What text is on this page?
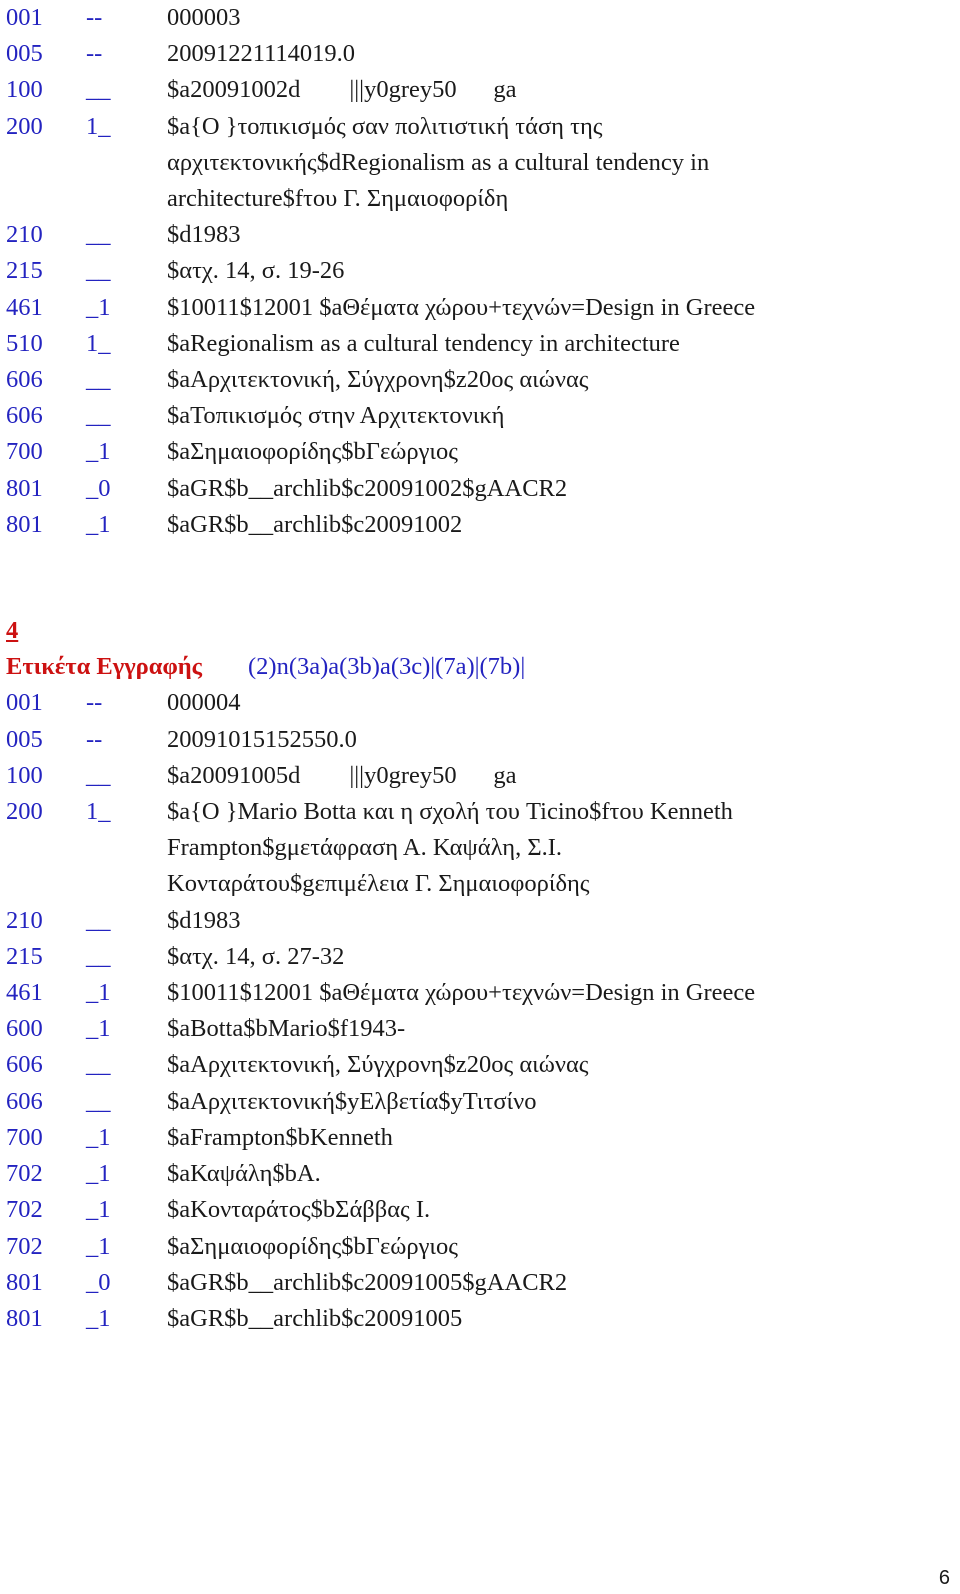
001	--	000003
005	--	20091221114019.0
100	__	$a20091002d        |||y0grey50      ga
200	1_	$a{O }τοπικισμός σαν πολιτιστική τάση της αρχιτεκτονικής$dRegionalism as a cultural tendency in architecture$fτου Γ. Σημαιοφορίδη
210	__	$d1983
215	__	$ατχ. 14, σ. 19-26
461	_1	$10011$12001 $aΘέματα χώρου+τεχνών=Design in Greece
510	1_	$aRegionalism as a cultural tendency in architecture
606	__	$aΑρχιτεκτονική, Σύγχρονη$z20ος αιώνας
606	__	$aΤοπικισμός στην Αρχιτεκτονική
700	_1	$aΣημαιοφορίδης$bΓεώργιος
801	_0	$aGR$b__archlib$c20091002$gAACR2
801	_1	$aGR$b__archlib$c20091002
4
Ετικέτα Εγγραφής	(2)n(3a)a(3b)a(3c)|(7a)|(7b)|
001	--	000004
005	--	20091015152550.0
100	__	$a20091005d        |||y0grey50      ga
200	1_	$a{O }Mario Botta και η σχολή του Ticino$fτου Kenneth Frampton$gμετάφραση Α. Καψάλη, Σ.Ι. Κονταράτου$gεπιμέλεια Γ. Σημαιοφορίδης
210	__	$d1983
215	__	$ατχ. 14, σ. 27-32
461	_1	$10011$12001 $aΘέματα χώρου+τεχνών=Design in Greece
600	_1	$aBotta$bMario$f1943-
606	__	$aΑρχιτεκτονική, Σύγχρονη$z20ος αιώνας
606	__	$aΑρχιτεκτονική$yΕλβετία$yΤιτσίνο
700	_1	$aFrampton$bKenneth
702	_1	$aΚαψάλη$bΑ.
702	_1	$aΚονταράτος$bΣάββας Ι.
702	_1	$aΣημαιοφορίδης$bΓεώργιος
801	_0	$aGR$b__archlib$c20091005$gAACR2
801	_1	$aGR$b__archlib$c20091005
6
